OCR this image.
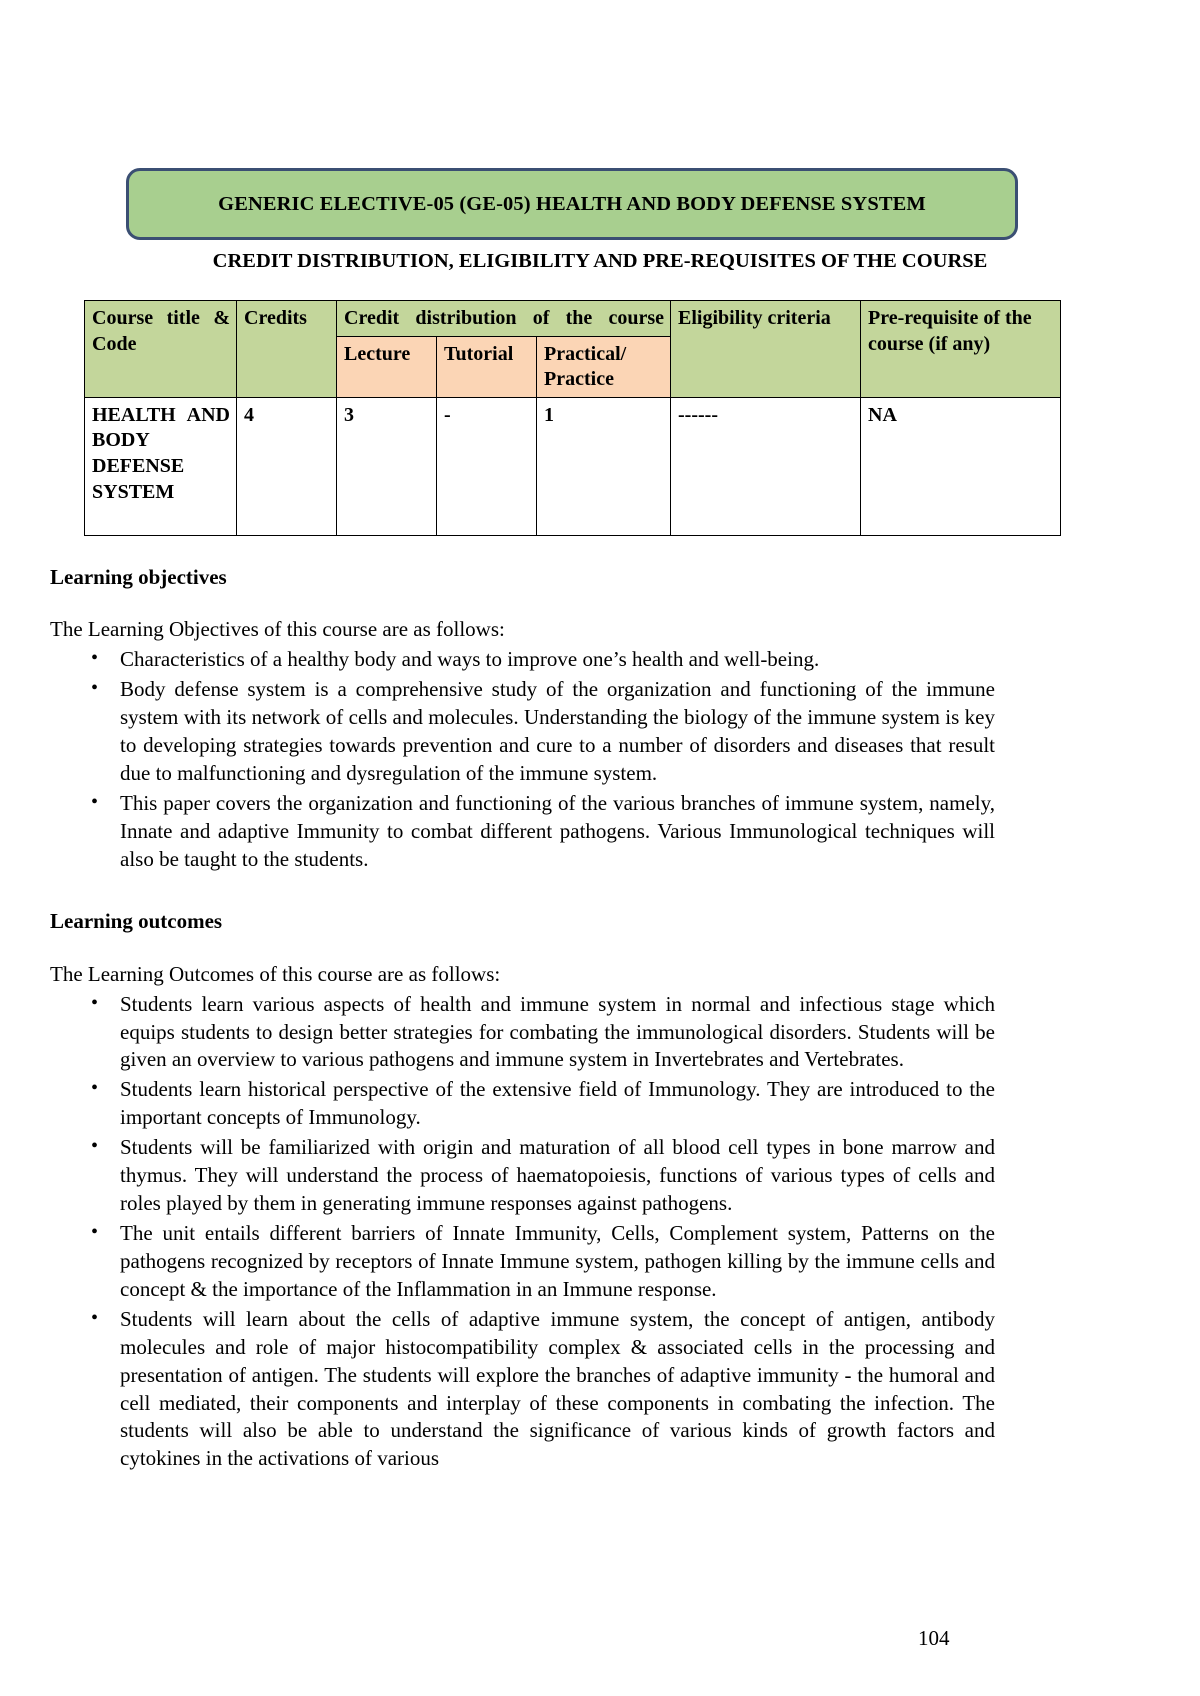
GENERIC ELECTIVE-05 (GE-05) HEALTH AND BODY DEFENSE SYSTEM
CREDIT DISTRIBUTION, ELIGIBILITY AND PRE-REQUISITES OF THE COURSE
Course title & Code	Credits	Credit distribution of the course			Eligibility criteria	Pre-requisite of the course (if any)
		Lecture	Tutorial	Practical/ Practice		

HEALTH AND BODY DEFENSE SYSTEM	4	3	-	1	------	NA
Learning objectives

The Learning Objectives of this course are as follows:

• Characteristics of a healthy body and ways to improve one’s health and well-being.
• Body defense system is a comprehensive study of the organization and functioning of the immune system with its network of cells and molecules. Understanding the biology of the immune system is key to developing strategies towards prevention and cure to a number of disorders and diseases that result due to malfunctioning and dysregulation of the immune system.
• This paper covers the organization and functioning of the various branches of immune system, namely, Innate and adaptive Immunity to combat different pathogens. Various Immunological techniques will also be taught to the students.
Learning outcomes

The Learning Outcomes of this course are as follows:

• Students learn various aspects of health and immune system in normal and infectious stage which equips students to design better strategies for combating the immunological disorders. Students will be given an overview to various pathogens and immune system in Invertebrates and Vertebrates.
• Students learn historical perspective of the extensive field of Immunology. They are introduced to the important concepts of Immunology.
• Students will be familiarized with origin and maturation of all blood cell types in bone marrow and thymus. They will understand the process of haematopoiesis, functions of various types of cells and roles played by them in generating immune responses against pathogens.
• The unit entails different barriers of Innate Immunity, Cells, Complement system, Patterns on the pathogens recognized by receptors of Innate Immune system, pathogen killing by the immune cells and concept & the importance of the Inflammation in an Immune response.
• Students will learn about the cells of adaptive immune system, the concept of antigen, antibody molecules and role of major histocompatibility complex & associated cells in the processing and presentation of antigen. The students will explore the branches of adaptive immunity - the humoral and cell mediated, their components and interplay of these components in combating the infection. The students will also be able to understand the significance of various kinds of growth factors and cytokines in the activations of various
104
